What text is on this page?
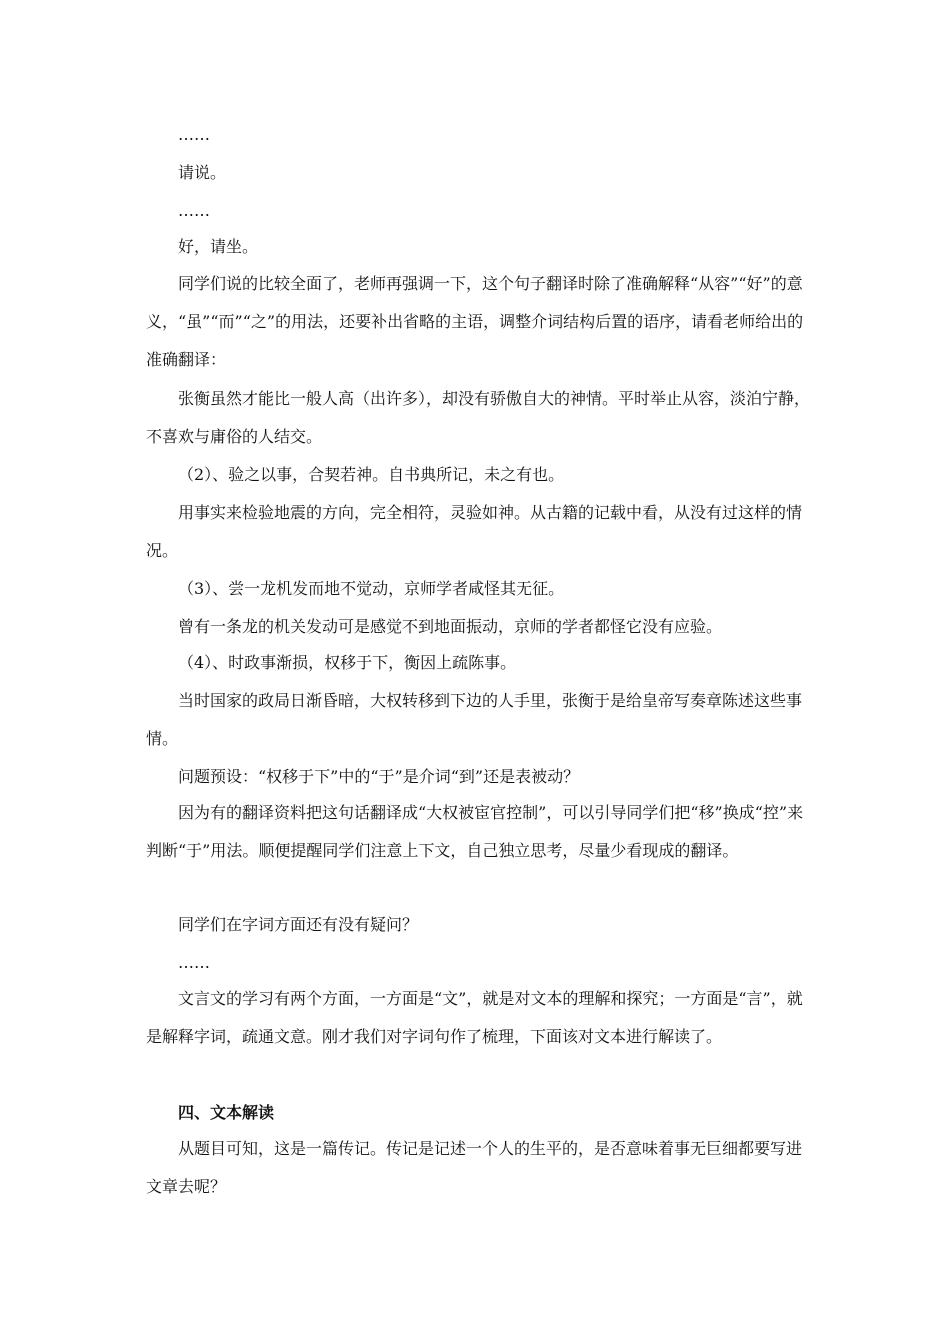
……

请说。

……

好，请坐。

同学们说的比较全面了，老师再强调一下，这个句子翻译时除了准确解释“从容”“好”的意义，“虽”“而”“之”的用法，还要补出省略的主语，调整介词结构后置的语序，请看老师给出的准确翻译：

张衡虽然才能比一般人高（出许多），却没有骄傲自大的神情。平时举止从容，淡泊宁静，不喜欢与庸俗的人结交。

（2）、验之以事，合契若神。自书典所记，未之有也。

用事实来检验地震的方向，完全相符，灵验如神。从古籍的记载中看，从没有过这样的情况。

（3）、尝一龙机发而地不觉动，京师学者咸怪其无征。

曾有一条龙的机关发动可是感觉不到地面振动，京师的学者都怪它没有应验。

（4）、时政事渐损，权移于下，衡因上疏陈事。

当时国家的政局日渐昏暗，大权转移到下边的人手里，张衡于是给皇帝写奏章陈述这些事情。

问题预设：“权移于下”中的“于”是介词“到”还是表被动？

因为有的翻译资料把这句话翻译成“大权被宦官控制”，可以引导同学们把“移”换成“控”来判断“于”用法。顺便提醒同学们注意上下文，自己独立思考，尽量少看现成的翻译。

同学们在字词方面还有没有疑问？

……

文言文的学习有两个方面，一方面是“文”，就是对文本的理解和探究；一方面是“言”，就是解释字词，疏通文意。刚才我们对字词句作了梳理，下面该对文本进行解读了。

四、文本解读

从题目可知，这是一篇传记。传记是记述一个人的生平的，是否意味着事无巨细都要写进文章去呢？
